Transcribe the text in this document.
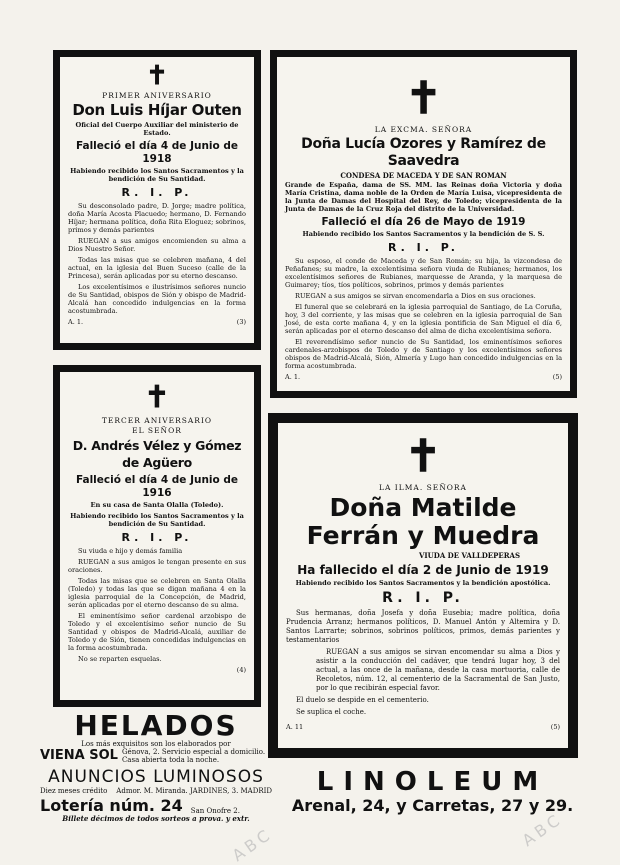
ABC
ABC
✝
PRIMER ANIVERSARIO
Don Luis Híjar Outen
Oficial del Cuerpo Auxiliar del ministerio de Estado.
Falleció el día 4 de Junio de 1918
Habiendo recibido los Santos Sacramentos y la bendición de Su Santidad.
R. I. P.
Su desconsolado padre, D. Jorge; madre política, doña María Acosta Placuedo; hermano, D. Fernando Híjar; hermana política, doña Rita Eloguez; sobrinos, primos y demás parientes
RUEGAN a sus amigos encomienden su alma a Dios Nuestro Señor.
Todas las misas que se celebren mañana, 4 del actual, en la iglesia del Buen Suceso (calle de la Princesa), serán aplicadas por su eterno descanso.
Los excelentísimos e ilustrísimos señores nuncio de Su Santidad, obispos de Sión y obispo de Madrid-Alcalá han concedido indulgencias en la forma acostumbrada.
A. 1.	(3)
✝
LA EXCMA. SEÑORA
Doña Lucía Ozores y Ramírez de Saavedra
CONDESA DE MACEDA Y DE SAN ROMAN
Grande de España, dama de SS. MM. las Reinas doña Victoria y doña María Cristina, dama noble de la Orden de María Luisa, vicepresidenta de la Junta de Damas del Hospital del Rey, de Toledo; vicepresidenta de la Junta de Damas de la Cruz Roja del distrito de la Universidad.
Falleció el día 26 de Mayo de 1919
Habiendo recibido los Santos Sacramentos y la bendición de S. S.
R. I. P.
Su esposo, el conde de Maceda y de San Román; su hija, la vizcondesa de Peñafanes; su madre, la excelentísima señora viuda de Rubianes; hermanos, los excelentísimos señores de Rubianes, marquesse de Aranda, y la marquesa de Guimarey; tíos, tíos políticos, sobrinos, primos y demás parientes
RUEGAN a sus amigos se sirvan encomendarla a Dios en sus oraciones.
El funeral que se celebrará en la iglesia parroquial de Santiago, de La Coruña, hoy, 3 del corriente, y las misas que se celebren en la iglesia parroquial de San José, de esta corte mañana 4, y en la iglesia pontificia de San Miguel el día 6, serán aplicadas por el eterno descanso del alma de dicha excelentísima señora.
El reverendísimo señor nuncio de Su Santidad, los eminentísimos señores cardenales-arzobispos de Toledo y de Santiago y los excelentísimos señores obispos de Madrid-Alcalá, Sión, Almería y Lugo han concedido indulgencias en la forma acostumbrada.
A. 1.	(5)
✝
TERCER ANIVERSARIO
EL SEÑOR
D. Andrés Vélez y Gómez de Agüero
Falleció el día 4 de Junio de 1916
En su casa de Santa Olalla (Toledo).
Habiendo recibido los Santos Sacramentos y la bendición de Su Santidad.
R. I. P.
Su viuda e hijo y demás familia
RUEGAN a sus amigos le tengan presente en sus oraciones.
Todas las misas que se celebren en Santa Olalla (Toledo) y todas las que se digan mañana 4 en la iglesia parroquial de la Concepción, de Madrid, serán aplicadas por el eterno descanso de su alma.
El eminentísimo señor cardenal arzobispo de Toledo y el excelentísimo señor nuncio de Su Santidad y obispos de Madrid-Alcalá, auxiliar de Toledo y de Sión, tienen concedidas indulgencias en la forma acostumbrada.
No se reparten esquelas.
(4)
✝
LA ILMA. SEÑORA
Doña Matilde Ferrán y Muedra
VIUDA DE VALLDEPERAS
Ha fallecido el día 2 de Junio de 1919
Habiendo recibido los Santos Sacramentos y la bendición apostólica.
R. I. P.
Sus hermanas, doña Josefa y doña Eusebia; madre política, doña Prudencia Arranz; hermanos políticos, D. Manuel Antón y Altemira y D. Santos Larrarte; sobrinos, sobrinos políticos, primos, demás parientes y testamentarios
RUEGAN a sus amigos se sirvan encomendar su alma a Dios y asistir a la conducción del cadáver, que tendrá lugar hoy, 3 del actual, a las once de la mañana, desde la casa mortuoria, calle de Recoletos, núm. 12, al cementerio de la Sacramental de San Justo, por lo que recibirán especial favor.
El duelo se despide en el cementerio.
Se suplica el coche.
A. 11	(5)
HELADOS
Los más exquisitos son los elaborados por
VIENA SOL Génova, 2. Servicio especial a domicilio. Casa abierta toda la noche.
ANUNCIOS LUMINOSOS
Diez meses crédito Admor. M. Miranda. JARDINES, 3. MADRID
Lotería núm. 24 San Onofre 2.
Billete décimos de todos sorteos a prova. y extr.
LINOLEUM
Arenal, 24, y Carretas, 27 y 29.
